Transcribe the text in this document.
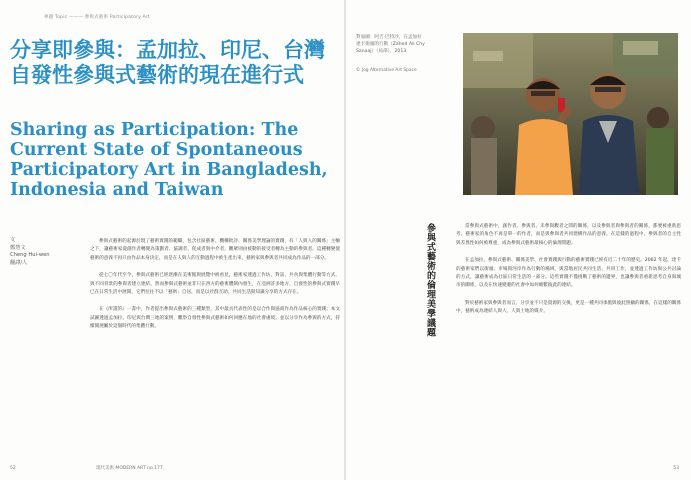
專題 Topic ——— 參與式藝術 Participatory Art
分享即參與：孟加拉、印尼、台灣自發性參與式藝術的現在進行式
Sharing as Participation: The Current State of Spontaneous Participatory Art in Bangladesh, Indonesia and Taiwan
文
鄭慧文
Cheng Hui-wen
翻譯/人

參與式藝術的起源於現了藝術實踐的範疇，包含社區藝術、機構批評、關係美學理論的實踐，有「人與人的關係」主軸之下，讓藝術家從創作者轉變為策劃者、協調者、促成者與中介者，觀眾則由被動的接受者轉為主動的參與者。這種轉變使藝術的意義不再只由作品本身決定，而是在人與人的互動過程中被生產出來，藝術家與參與者共同成為作品的一部分。

從七〇年代至今，參與式藝術已經逐漸在美術館與展覽中被看見，藝術家透過工作坊、對話、共食與集體行動等方式，與不同背景的參與者建立連結。然而參與式藝術並非只在西方的藝術體制內發生，在亞洲許多地方，自發性的參與式實踐早已在日常生活中展開，它們往往不以「藝術」自居，而是以社群互助、共同生活與知識分享的方式存在。

在《所謂的》一書中，作者提出參與式藝術的三種類型，其中最具代表性的是以合作與協商作為作品核心的實踐；本文試圖透過孟加拉、印尼與台灣三地的案例，觀察自發性參與式藝術如何回應在地的社會處境，並以分享作為參與的方式，持續開展屬於這個時代的集體行動。

52	現代美術 MODERN ART no.177
對面圖：阿吉·巴特沙，在孟加拉達卡街頭的行動（Zahed Ali Chy Sanaaj）（局部），2013
© Jog Alternative Art Space
參與式藝術的倫理美學議題	當參與式藝術中，創作者、參與者、未參與觀者之間的關係，以及參與者與參與者的關係，都要被重新思考。藝術家的角色不再是單一的作者，而是與參與者共同建構作品的意義。在這樣的過程中，參與者的自主性與差異性如何被尊重，成為參與式藝術最核心的倫理問題。

在孟加拉，參與式藝術、關係美學、社會實踐與行動的藝術實踐已經有近二十年的歷史。2002 年起，達卡的藝術家們以街頭、市場與河岸作為行動的場域，與當地居民共同生活、共同工作，並透過工作坊與公共討論的方式，讓藝術成為社區日常生活的一部分。這些實踐不僅挑戰了藝術的邊界，也讓參與者重新思考自身與城市的關係，以及在快速變遷的社會中如何維繫彼此的連結。

對於藝術家與參與者而言，分享並不只是資源的交換，更是一種共同承擔與彼此照顧的關係，在這樣的關係中，藝術成為連結人與人、人與土地的媒介。

53
